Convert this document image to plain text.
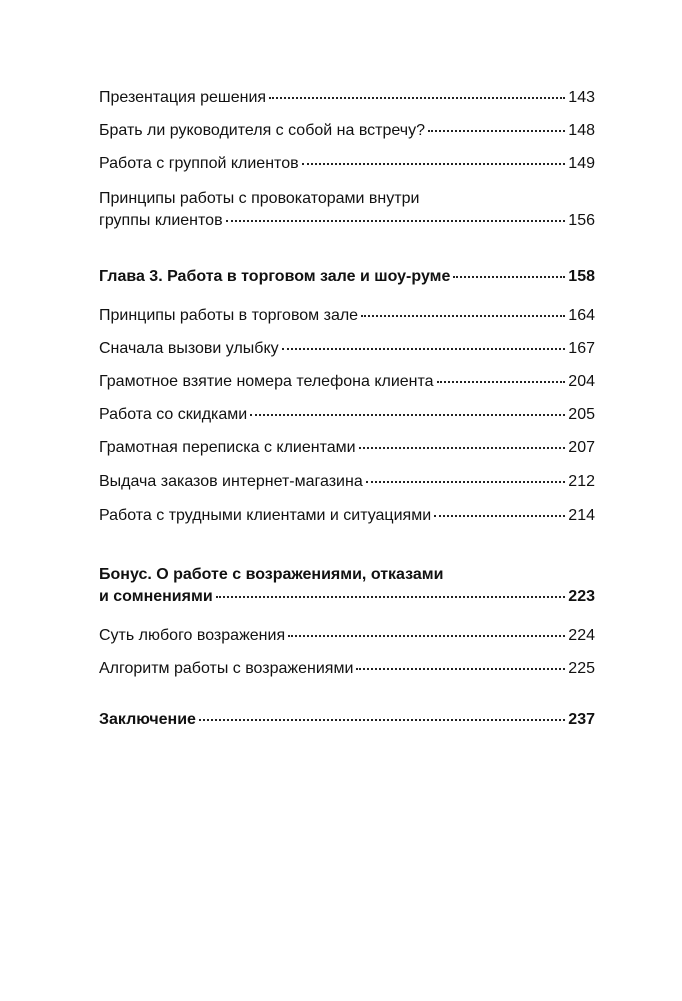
Презентация решения	143
Брать ли руководителя с собой на встречу?	148
Работа с группой клиентов	149
Принципы работы с провокаторами внутри
группы клиентов	156
Глава 3. Работа в торговом зале и шоу-руме	158
Принципы работы в торговом зале	164
Сначала вызови улыбку	167
Грамотное взятие номера телефона клиента	204
Работа со скидками	205
Грамотная переписка с клиентами	207
Выдача заказов интернет-магазина	212
Работа с трудными клиентами и ситуациями	214
Бонус. О работе с возражениями, отказами
и сомнениями	223
Суть любого возражения	224
Алгоритм работы с возражениями	225
Заключение	237
